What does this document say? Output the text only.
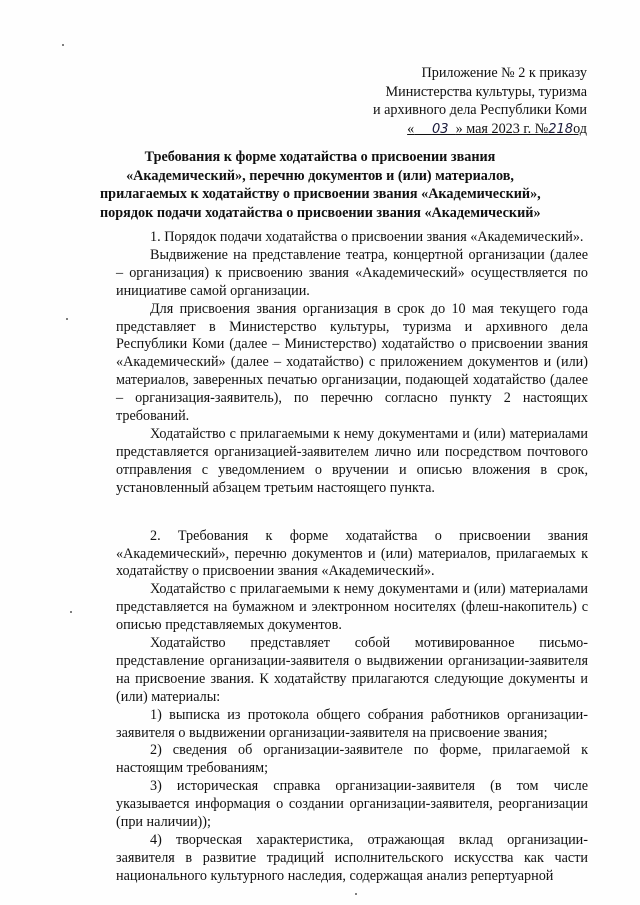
Приложение № 2 к приказу
Министерства культуры, туризма
и архивного дела Республики Коми
« 03 » мая 2023 г. №218од
Требования к форме ходатайства о присвоении звания
«Академический», перечню документов и (или) материалов,
прилагаемых к ходатайству о присвоении звания «Академический»,
порядок подачи ходатайства о присвоении звания «Академический»

1. Порядок подачи ходатайства о присвоении звания «Академический».

Выдвижение на представление театра, концертной организации (далее – организация) к присвоению звания «Академический» осуществляется по инициативе самой организации.

Для присвоения звания организация в срок до 10 мая текущего года представляет в Министерство культуры, туризма и архивного дела Республики Коми (далее – Министерство) ходатайство о присвоении звания «Академический» (далее – ходатайство) с приложением документов и (или) материалов, заверенных печатью организации, подающей ходатайство (далее – организация-заявитель), по перечню согласно пункту 2 настоящих требований.

Ходатайство с прилагаемыми к нему документами и (или) материалами представляется организацией-заявителем лично или посредством почтового отправления с уведомлением о вручении и описью вложения в срок, установленный абзацем третьим настоящего пункта.

2. Требования к форме ходатайства о присвоении звания «Академический», перечню документов и (или) материалов, прилагаемых к ходатайству о присвоении звания «Академический».

Ходатайство с прилагаемыми к нему документами и (или) материалами представляется на бумажном и электронном носителях (флеш-накопитель) с описью представляемых документов.

Ходатайство представляет собой мотивированное письмо-представление организации-заявителя о выдвижении организации-заявителя на присвоение звания. К ходатайству прилагаются следующие документы и (или) материалы:

1) выписка из протокола общего собрания работников организации-заявителя о выдвижении организации-заявителя на присвоение звания;

2) сведения об организации-заявителе по форме, прилагаемой к настоящим требованиям;

3) историческая справка организации-заявителя (в том числе указывается информация о создании организации-заявителя, реорганизации (при наличии));

4) творческая характеристика, отражающая вклад организации-заявителя в развитие традиций исполнительского искусства как части национального культурного наследия, содержащая анализ репертуарной
